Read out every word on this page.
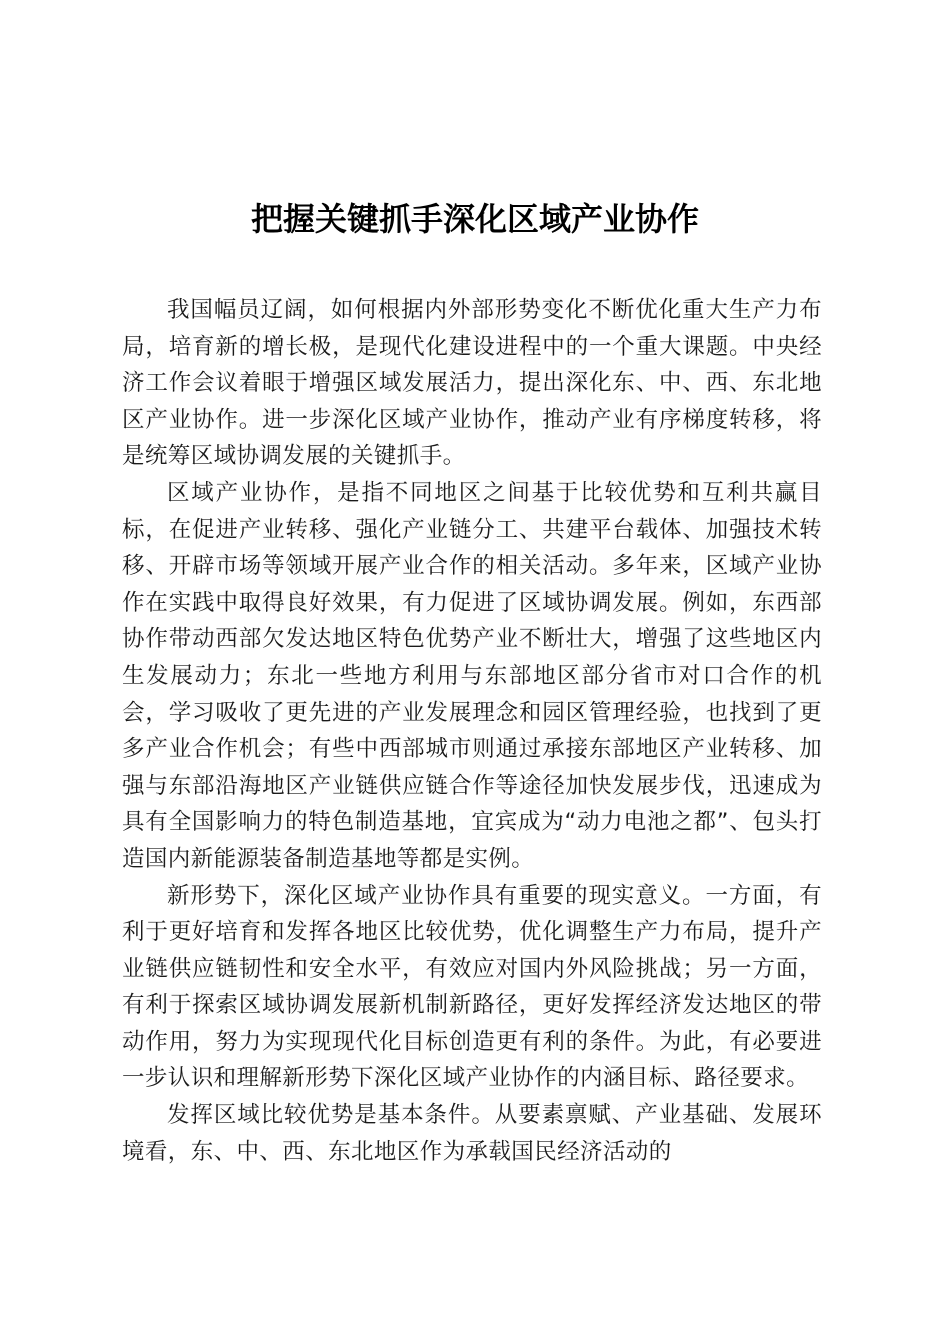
把握关键抓手深化区域产业协作

我国幅员辽阔，如何根据内外部形势变化不断优化重大生产力布局，培育新的增长极，是现代化建设进程中的一个重大课题。中央经济工作会议着眼于增强区域发展活力，提出深化东、中、西、东北地区产业协作。进一步深化区域产业协作，推动产业有序梯度转移，将是统筹区域协调发展的关键抓手。

区域产业协作，是指不同地区之间基于比较优势和互利共赢目标，在促进产业转移、强化产业链分工、共建平台载体、加强技术转移、开辟市场等领域开展产业合作的相关活动。多年来，区域产业协作在实践中取得良好效果，有力促进了区域协调发展。例如，东西部协作带动西部欠发达地区特色优势产业不断壮大，增强了这些地区内生发展动力；东北一些地方利用与东部地区部分省市对口合作的机会，学习吸收了更先进的产业发展理念和园区管理经验，也找到了更多产业合作机会；有些中西部城市则通过承接东部地区产业转移、加强与东部沿海地区产业链供应链合作等途径加快发展步伐，迅速成为具有全国影响力的特色制造基地，宜宾成为“动力电池之都”、包头打造国内新能源装备制造基地等都是实例。

新形势下，深化区域产业协作具有重要的现实意义。一方面，有利于更好培育和发挥各地区比较优势，优化调整生产力布局，提升产业链供应链韧性和安全水平，有效应对国内外风险挑战；另一方面，有利于探索区域协调发展新机制新路径，更好发挥经济发达地区的带动作用，努力为实现现代化目标创造更有利的条件。为此，有必要进一步认识和理解新形势下深化区域产业协作的内涵目标、路径要求。

发挥区域比较优势是基本条件。从要素禀赋、产业基础、发展环境看，东、中、西、东北地区作为承载国民经济活动的
